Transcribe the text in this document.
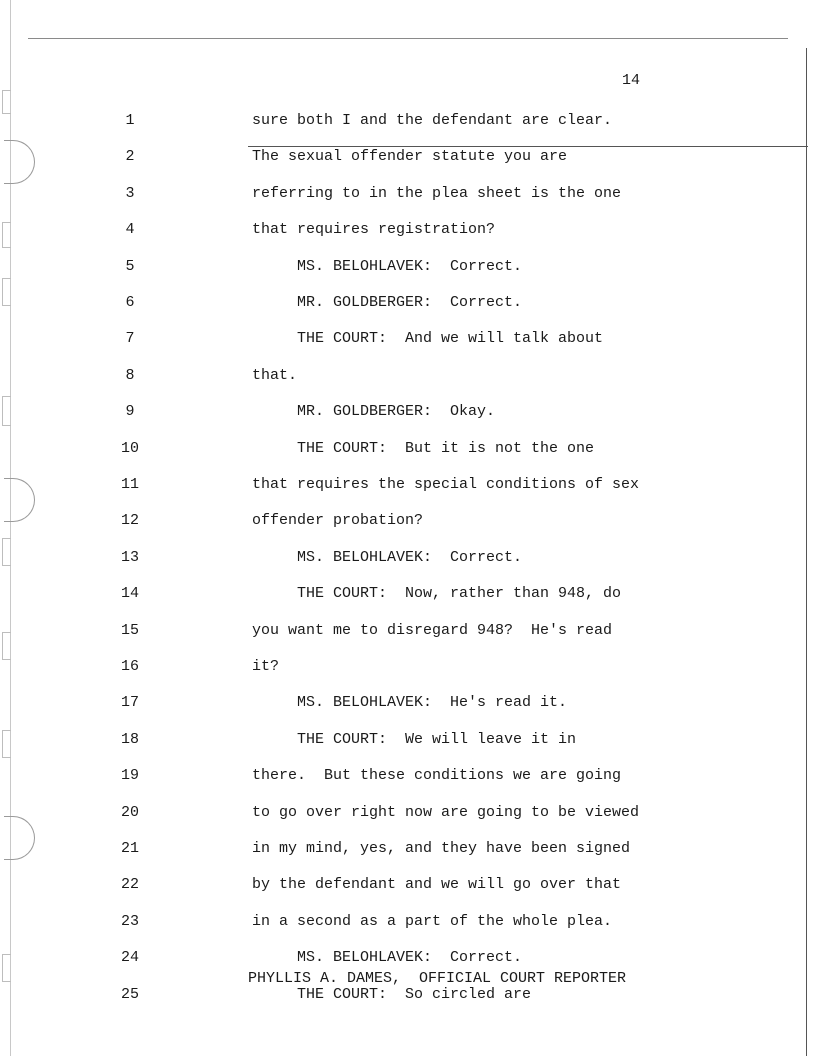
14
1	sure both I and the defendant are clear.
2	The sexual offender statute you are
3	referring to in the plea sheet is the one
4	that requires registration?
5	MS. BELOHLAVEK:  Correct.
6	MR. GOLDBERGER:  Correct.
7	THE COURT:  And we will talk about
8	that.
9	MR. GOLDBERGER:  Okay.
10	THE COURT:  But it is not the one
11	that requires the special conditions of sex
12	offender probation?
13	MS. BELOHLAVEK:  Correct.
14	THE COURT:  Now, rather than 948, do
15	you want me to disregard 948?  He's read
16	it?
17	MS. BELOHLAVEK:  He's read it.
18	THE COURT:  We will leave it in
19	there.  But these conditions we are going
20	to go over right now are going to be viewed
21	in my mind, yes, and they have been signed
22	by the defendant and we will go over that
23	in a second as a part of the whole plea.
24	MS. BELOHLAVEK:  Correct.
25	THE COURT:  So circled are
PHYLLIS A. DAMES,  OFFICIAL COURT REPORTER
